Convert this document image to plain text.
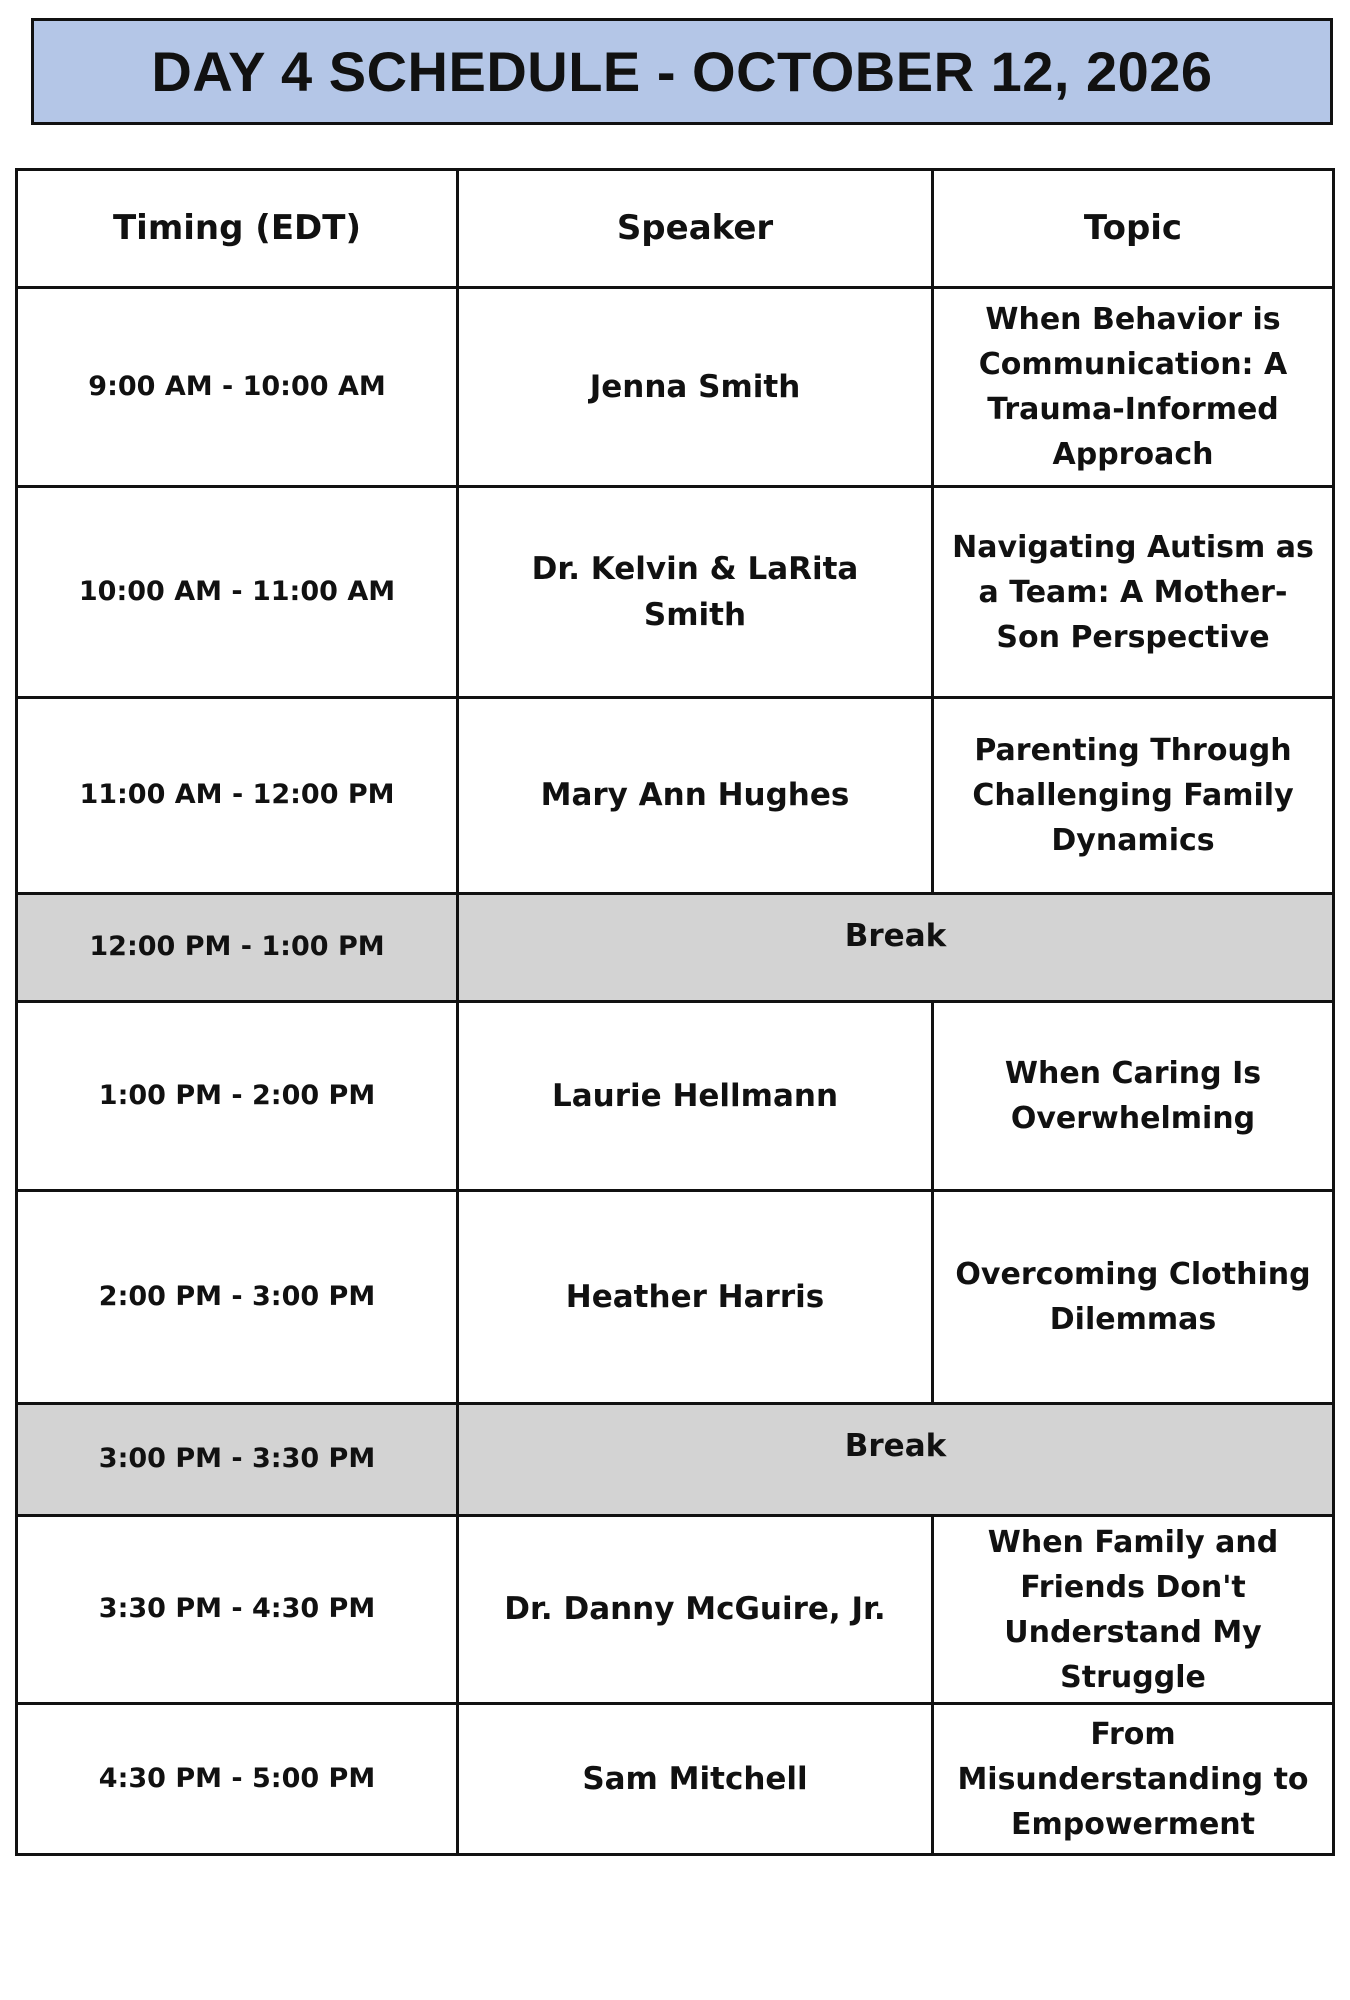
DAY 4 SCHEDULE - OCTOBER 12, 2026
Timing (EDT)	Speaker	Topic
9:00 AM - 10:00 AM	Jenna Smith	When Behavior is Communication: A Trauma-Informed Approach
10:00 AM - 11:00 AM	Dr. Kelvin & LaRita Smith	Navigating Autism as a Team: A Mother-Son Perspective
11:00 AM - 12:00 PM	Mary Ann Hughes	Parenting Through Challenging Family Dynamics
12:00 PM - 1:00 PM	Break	
1:00 PM - 2:00 PM	Laurie Hellmann	When Caring Is Overwhelming
2:00 PM - 3:00 PM	Heather Harris	Overcoming Clothing Dilemmas
3:00 PM - 3:30 PM	Break	
3:30 PM - 4:30 PM	Dr. Danny McGuire, Jr.	When Family and Friends Don't Understand My Struggle
4:30 PM - 5:00 PM	Sam Mitchell	From Misunderstanding to Empowerment
